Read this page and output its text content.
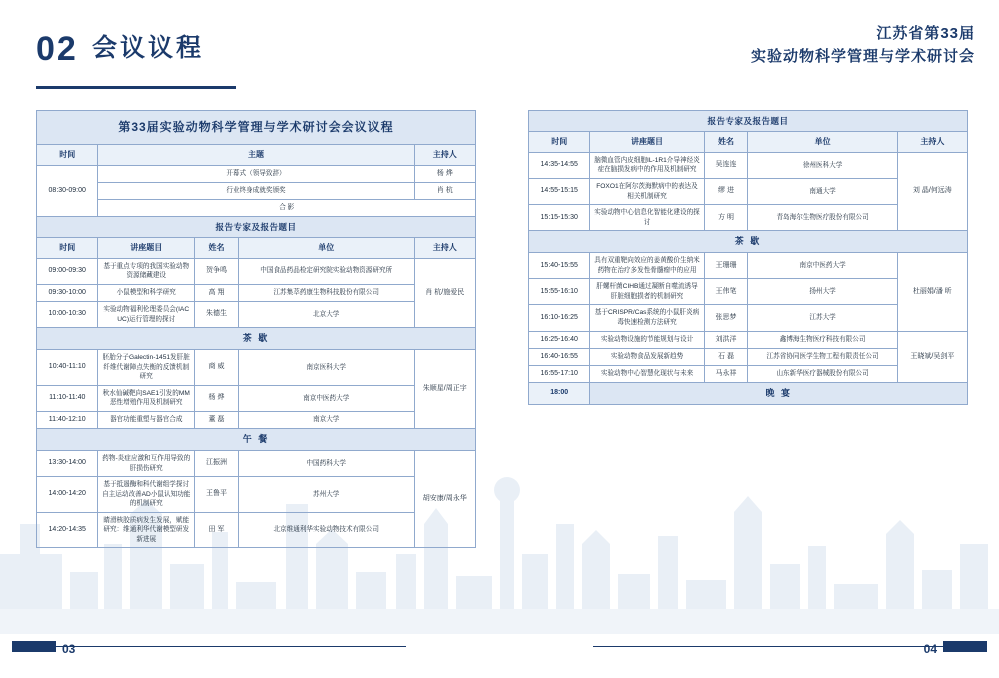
02 会议议程
江苏省第33届
实验动物科学管理与学术研讨会
第33届实验动物科学管理与学术研讨会会议议程				
时间	主题			主持人
08:30-09:00	开幕式（领导致辞）			杨 烨
	行业终身成就奖颁奖			肖 杭
	合 影			
报告专家及报告题目				
时间	讲座题目	姓名	单位	主持人
09:00-09:30	基于重点专项的我国实验动物资源储藏建设	贺争鸣	中国食品药品检定研究院实验动物资源研究所	肖 杭/施爱民
09:30-10:00	小鼠模型和科学研究	高 翔	江苏集萃药康生物科技股份有限公司	
10:00-10:30	实验动物福利伦理委员会(IACUC)运行管理的探讨	朱德生	北京大学	
茶 歇				
10:40-11:10	胚胎分子Galectin-1451发肝脏纤维代谢障点失衡的反馈机制研究	商 威	南京医科大学	朱顺星/周正宇
11:10-11:40	秋水仙碱靶向SAE1引发的MM恶性增殖作用及机制研究	杨 烨	南京中医药大学	
11:40-12:10	器官功能重塑与器官合成	董 磊	南京大学	
午 餐				
13:30-14:00	药物-炎症应激和互作用导致的肝损伤研究	江振洲	中国药科大学	胡安康/周永华
14:00-14:20	基于抵遏酶和科代谢组学探讨自主运动改善AD小鼠认知功能的机制研究	王鲁平	苏州大学	
14:20-14:35	睛滑核胶质病发生发展，赋能研究：维通利华代谢模型研发新进展	田 军	北京维通利华实验动物技术有限公司	
报告专家及报告题目				
时间	讲座题目	姓名	单位	主持人
14:35-14:55	脑微血管内皮细胞IL-1R1介导神经炎症在脑损发病中的作用及机制研究	吴连连	徐州医科大学	刘 晶/何远涛
14:55-15:15	FOXO1在阿尔茨海默病中的表达及相关机制研究	缪 进	南通大学	
15:15-15:30	实验动物中心信息化智能化建设的探讨	方 明	青岛海尔生物医疗股份有限公司	
茶 歇				
15:40-15:55	具有双重靶向效应的姜黄酸价生纳米药物在治疗多发性骨髓瘤中的应用	王珊珊	南京中医药大学	杜丽娟/潘 昕
15:55-16:10	肝螺杆菌CIHB通过凝断自噬流诱导肝脏细胞损者的机制研究	王伟笔	扬州大学	
16:10-16:25	基于CRISPR/Cas系统的小鼠肝炎病毒快速检测方法研究	张思梦	江苏大学	
16:25-16:40	实验动物设施的节能规划与设计	刘洪洋	鑫博海生物医疗科技有限公司	王晓斌/吴剑平
16:40-16:55	实验动物食品发展新趋势	石 磊	江苏省协同医学生物工程有限责任公司	
16:55-17:10	实验动物中心智慧化现状与未来	马永祥	山东新华医疗器械股份有限公司	
18:00	晚 宴			
03	04
